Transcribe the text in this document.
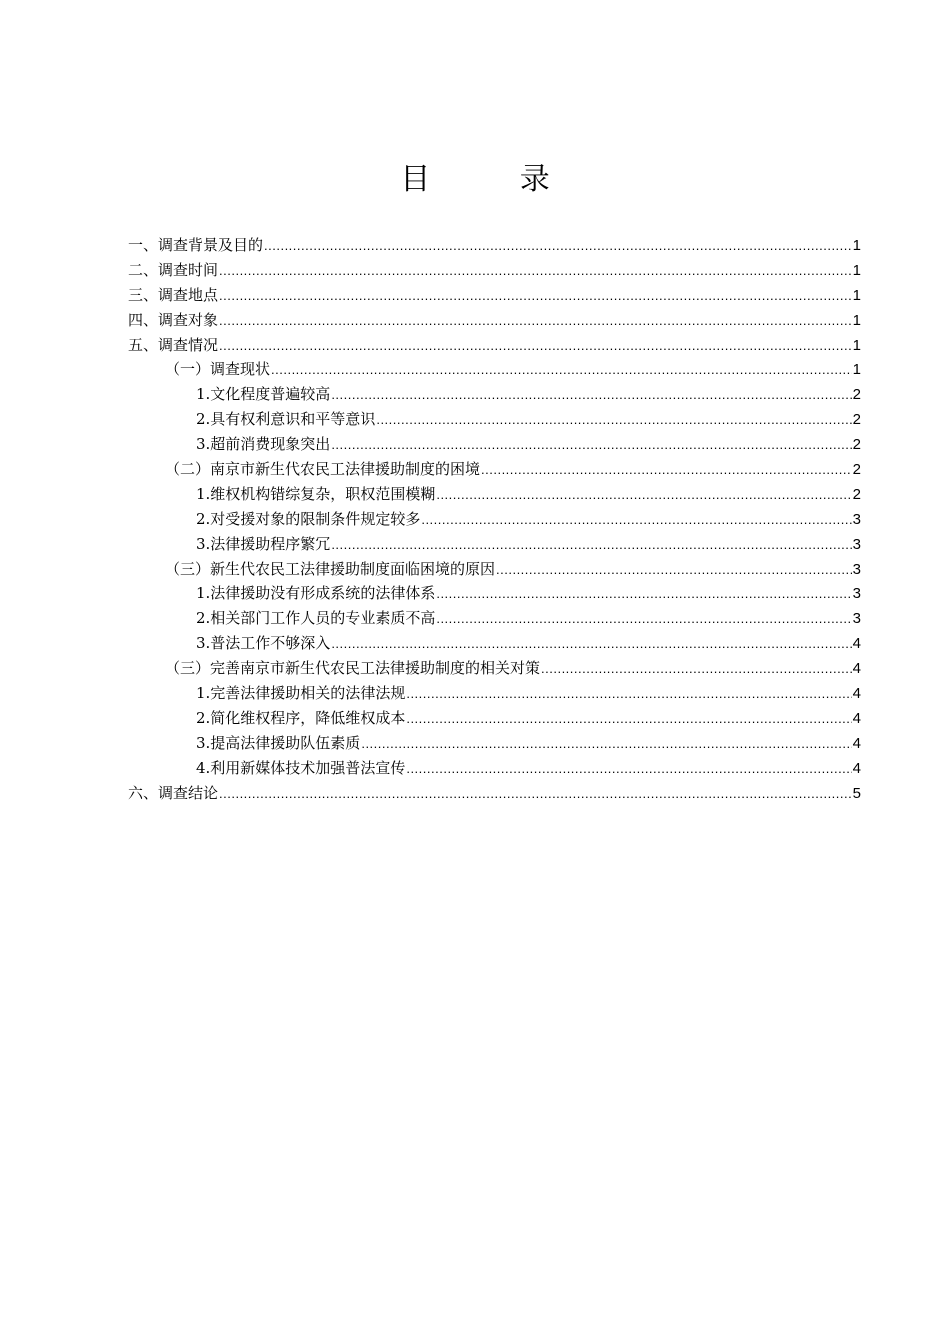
目 录
一、调查背景及目的 .....	1
二、调查时间 .....	1
三、调查地点 .....	1
四、调查对象 .....	1
五、调查情况 .....	1
（一）调查现状 .....	1
1.文化程度普遍较高 .....	2
2.具有权利意识和平等意识 .....	2
3.超前消费现象突出 .....	2
（二）南京市新生代农民工法律援助制度的困境 .....	2
1.维权机构错综复杂，职权范围模糊 .....	2
2.对受援对象的限制条件规定较多 .....	3
3.法律援助程序繁冗 .....	3
（三）新生代农民工法律援助制度面临困境的原因 .....	3
1.法律援助没有形成系统的法律体系 .....	3
2.相关部门工作人员的专业素质不高 .....	3
3.普法工作不够深入 .....	4
（三）完善南京市新生代农民工法律援助制度的相关对策 .....	4
1.完善法律援助相关的法律法规 .....	4
2.简化维权程序，降低维权成本 .....	4
3.提高法律援助队伍素质 .....	4
4.利用新媒体技术加强普法宣传 .....	4
六、调查结论 .....	5
